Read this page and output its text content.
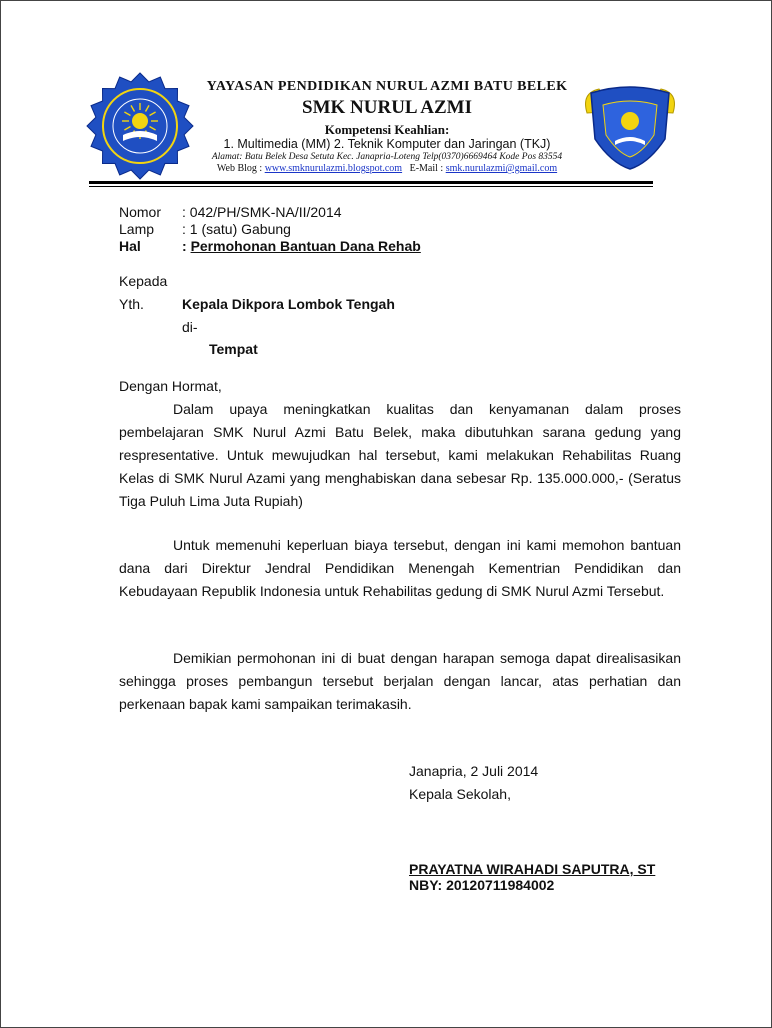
YAYASAN PENDIDIKAN NURUL AZMI BATU BELEK
SMK NURUL AZMI
Kompetensi Keahlian:
1. Multimedia (MM) 2. Teknik Komputer dan Jaringan (TKJ)
Alamat: Batu Belek Desa Setuta Kec. Janapria-Loteng Telp(0370)6669464 Kode Pos 83554
Web Blog : www.smknurulazmi.blogspot.com   E-Mail : smk.nurulazmi@gmail.com
Nomor : 042/PH/SMK-NA/II/2014
Lamp : 1 (satu) Gabung
Hal	: Permohonan Bantuan Dana Rehab
Kepada
Yth.	Kepala Dikpora Lombok Tengah
di-
Tempat
Dengan Hormat,

Dalam upaya meningkatkan kualitas dan kenyamanan dalam proses pembelajaran SMK Nurul Azmi Batu Belek, maka dibutuhkan sarana gedung yang respresentative. Untuk mewujudkan hal tersebut, kami melakukan Rehabilitas Ruang Kelas di SMK Nurul Azami yang menghabiskan dana sebesar Rp. 135.000.000,- (Seratus Tiga Puluh Lima Juta Rupiah)

Untuk memenuhi keperluan biaya tersebut, dengan ini kami memohon bantuan dana dari Direktur Jendral Pendidikan Menengah Kementrian Pendidikan dan Kebudayaan Republik Indonesia untuk Rehabilitas gedung di SMK Nurul Azmi Tersebut.

Demikian permohonan ini di buat dengan harapan semoga dapat direalisasikan sehingga proses pembangun tersebut berjalan dengan lancar, atas perhatian dan perkenaan bapak kami sampaikan terimakasih.

Janapria, 2 Juli 2014
Kepala Sekolah,
PRAYATNA WIRAHADI SAPUTRA, ST
NBY: 20120711984002
